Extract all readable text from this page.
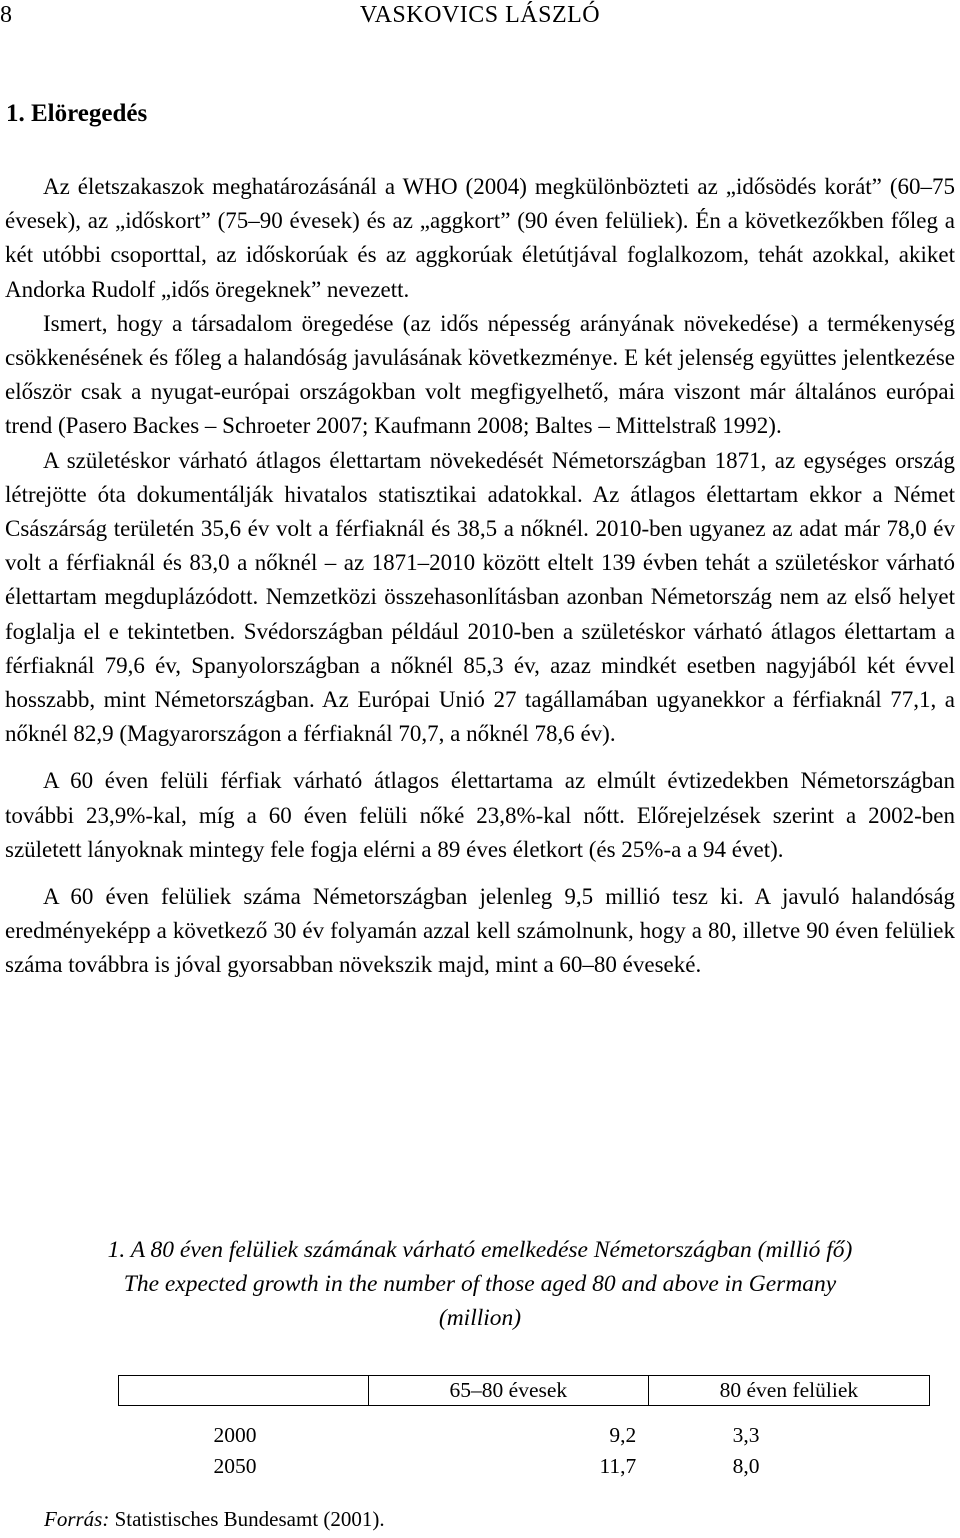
8	VASKOVICS LÁSZLÓ
1. Elöregedés

Az életszakaszok meghatározásánál a WHO (2004) megkülönbözteti az „idősödés korát” (60–75 évesek), az „időskort” (75–90 évesek) és az „aggkort” (90 éven felüliek). Én a következőkben főleg a két utóbbi csoporttal, az időskorúak és az aggkorúak életútjával foglalkozom, tehát azokkal, akiket Andorka Rudolf „idős öregeknek” nevezett.

Ismert, hogy a társadalom öregedése (az idős népesség arányának növekedése) a termékenység csökkenésének és főleg a halandóság javulásának következménye. E két jelenség együttes jelentkezése először csak a nyugat-európai országokban volt megfigyelhető, mára viszont már általános európai trend (Pasero Backes – Schroeter 2007; Kaufmann 2008; Baltes – Mittelstraß 1992).

A születéskor várható átlagos élettartam növekedését Németországban 1871, az egységes ország létrejötte óta dokumentálják hivatalos statisztikai adatokkal. Az átlagos élettartam ekkor a Német Császárság területén 35,6 év volt a férfiaknál és 38,5 a nőknél. 2010-ben ugyanez az adat már 78,0 év volt a férfiaknál és 83,0 a nőknél – az 1871–2010 között eltelt 139 évben tehát a születéskor várható élettartam megduplázódott. Nemzetközi összehasonlításban azonban Németország nem az első helyet foglalja el e tekintetben. Svédországban például 2010-ben a születéskor várható átlagos élettartam a férfiaknál 79,6 év, Spanyolországban a nőknél 85,3 év, azaz mindkét esetben nagyjából két évvel hosszabb, mint Németországban. Az Európai Unió 27 tagállamában ugyanekkor a férfiaknál 77,1, a nőknél 82,9 (Magyarországon a férfiaknál 70,7, a nőknél 78,6 év).

A 60 éven felüli férfiak várható átlagos élettartama az elmúlt évtizedekben Németországban további 23,9%-kal, míg a 60 éven felüli nőké 23,8%-kal nőtt. Előrejelzések szerint a 2002-ben született lányoknak mintegy fele fogja elérni a 89 éves életkort (és 25%-a a 94 évet).

A 60 éven felüliek száma Németországban jelenleg 9,5 millió tesz ki. A javuló halandóság eredményeképp a következő 30 év folyamán azzal kell számolnunk, hogy a 80, illetve 90 éven felüliek száma továbbra is jóval gyorsabban növekszik majd, mint a 60–80 éveseké.

1. A 80 éven felüliek számának várható emelkedése Németországban (millió fő)
The expected growth in the number of those aged 80 and above in Germany
(million)
	65–80 évesek	80 éven felüliek
2000	9,2	3,3
2050	11,7	8,0
Forrás: Statistisches Bundesamt (2001).
